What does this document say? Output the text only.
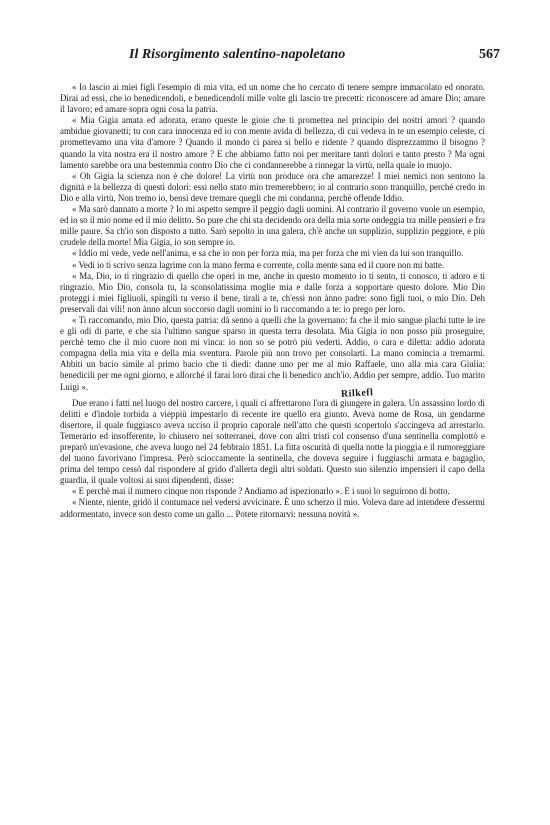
Il Risorgimento salentino-napoletano	567

« Io lascio ai miei figli l'esempio di mia vita, ed un nome che ho cercato di tenere sempre immacolato ed onorato. Dirai ad essi, che io benedicendoli, e benedicendoli mille volte gli lascio tre precetti: riconoscere ad amare Dio; amare il lavoro; ed amare sopra ogni cosa la patria.

« Mia Gigia amata ed adorata, erano queste le gioie che ti promettea nel principio del nostri amori ? quando ambidue giovanetti; tu con cara innocenza ed io con mente avida di bellezza, di cui vedeva in te un esempio celeste, ci promettevamo una vita d'amore ? Quando il mondo ci parea sì bello e ridente ? quando disprezzammo il bisogno ? quando la vita nostra era il nostro amore ? E che abbiamo fatto noi per meritare tanti dolori e tanto presto ? Ma ogni lamento sarebbe ora una bestemmia contro Dio che ci condannerebbe a rinnegar la virtù, nella quale io muojo.

« Oh Gigia la scienza non è che dolore! La virtù non produce ora che amarezze! I miei nemici non sentono la dignità e la bellezza di questi dolori: essi nello stato mio tremerebbero; io al contrario sono tranquillo, perché credo in Dio e alla virtù. Non tremo io, bensì deve tremare quegli che mi condanna, perchè offende Iddio.

« Ma sarò dannato a morte ? Io mi aspetto sempre il peggio dagli uomini. Al contrario il governo vuole un esempio, ed io so il mio nome ed il mio delitto. So pure che chi sta decidendo ora della mia sorte ondeggia tra mille pensieri e fra mille paure. Sa ch'io son disposto a tutto. Sarò sepolto in una galera, ch'è anche un supplizio, supplizio peggiore, e più crudele della morte! Mia Gigia, io son sempre io.

« Iddio mi vede, vede nell'anima, e sa che io non per forza mia, ma per forza che mi vien da lui son tranquillo.

« Vedi io ti scrivo senza lagrime con la mano ferma e corrente, colla mente sana ed il cuore non mi batte.

« Ma, Dio, io ti ringrazio di quello che operi in me, anche in questo momento io ti sento, ti conosco, ti adoro e ti ringrazio. Mio Dio, consola tu, la sconsolatissima moglie mia e dalle forza a sopportare questo dolore. Mio Dio proteggi i miei figliuoli, spingili tu verso il bene, tirali a te, ch'essi non ànno padre: sono figli tuoi, o mio Dio. Deh preservali dai vili! non ànno alcun soccorso dagli uomini io li raccomando a te: io prego per loro.

« Ti raccomando, mio Dio, questa patria: dà senno a quelli che la governano: fa che il mio sangue plachi tutte le ire e gli odi di parte, e che sia l'ultimo sangue sparso in questa terra desolata. Mia Gigia io non posso più proseguire, perchè temo che il mio cuore non mi vinca: io non so se potrò più vederti. Addio, o cara e diletta: addio adorata compagna della mia vita e della mia sventura. Parole più non trovo per consolarti. La mano comincia a tremarmi. Abbiti un bacio simile al primo bacio che ti diedi: danne uno per me al mio Raffaele, uno alla mia cara Giulia: benedicili per me ogni giorno, e allorché il farai loro dirai che li benedico anch'io. Addio per sempre, addio. Tuo marito Luigi ».

Due erano i fatti nel luogo del nostro carcere, i quali ci affrettarono l'ora di giungere in galera. Un assassino lordo di delitti e d'indole torbida a vieppiù impestarlo di recente ire quello era giunto. Aveva nome de Rosa, un gendarme disertore, il quale fuggiasco aveva ucciso il proprio caporale nell'atto che questi scopertolo s'accingeva ad arrestarlo. Temerario ed insofferente, lo chiusero nei sotterranei, dove con altri tristi col consenso d'una sentinella complottò e preparò un'evasione, che aveva luogo nel 24 febbraio 1851. La fitta oscurità di quella notte la pioggia e il rumoreggiare del tuono favorivano l'impresa. Però scioccamente la sentinella, che doveva seguire i fuggiaschi armata e bagaglio, prima del tempo cessò dal rispondere al grido d'allerta degli altri soldati. Questo suo silenzio impensierì il capo della guardia, il quale voltosi ai suoi dipendenti, disse:

« E perchè mai il numero cinque non risponde ? Andiamo ad ispezionarlo ». E i suoi lo seguirono di botto.

« Niente, niente, gridò il contumace nel vedersi avvicinare. È uno scherzo il mio. Voleva dare ad intendere d'essermi addormentato, invece son desto come un gallo ... Potete ritornarvi: nessuna novità ».

Rilkefl
